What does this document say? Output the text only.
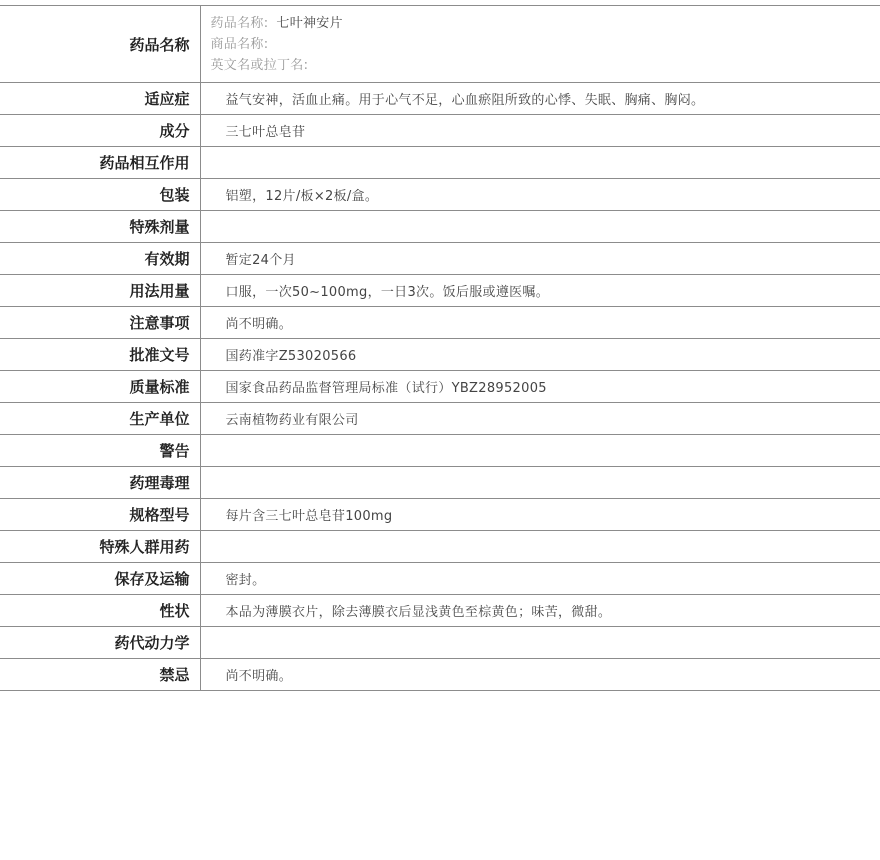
药品名称	药品名称: 七叶神安片
商品名称:
英文名或拉丁名:

适应症	益气安神，活血止痛。用于心气不足，心血瘀阻所致的心悸、失眠、胸痛、胸闷。
成分	三七叶总皂苷
药品相互作用	
包装	铝塑，12片/板×2板/盒。
特殊剂量	
有效期	暂定24个月
用法用量	口服，一次50~100mg，一日3次。饭后服或遵医嘱。
注意事项	尚不明确。
批准文号	国药准字Z53020566
质量标准	国家食品药品监督管理局标准（试行）YBZ28952005
生产单位	云南植物药业有限公司
警告	
药理毒理	
规格型号	每片含三七叶总皂苷100mg
特殊人群用药	
保存及运输	密封。
性状	本品为薄膜衣片，除去薄膜衣后显浅黄色至棕黄色；味苦，微甜。
药代动力学	
禁忌	尚不明确。
